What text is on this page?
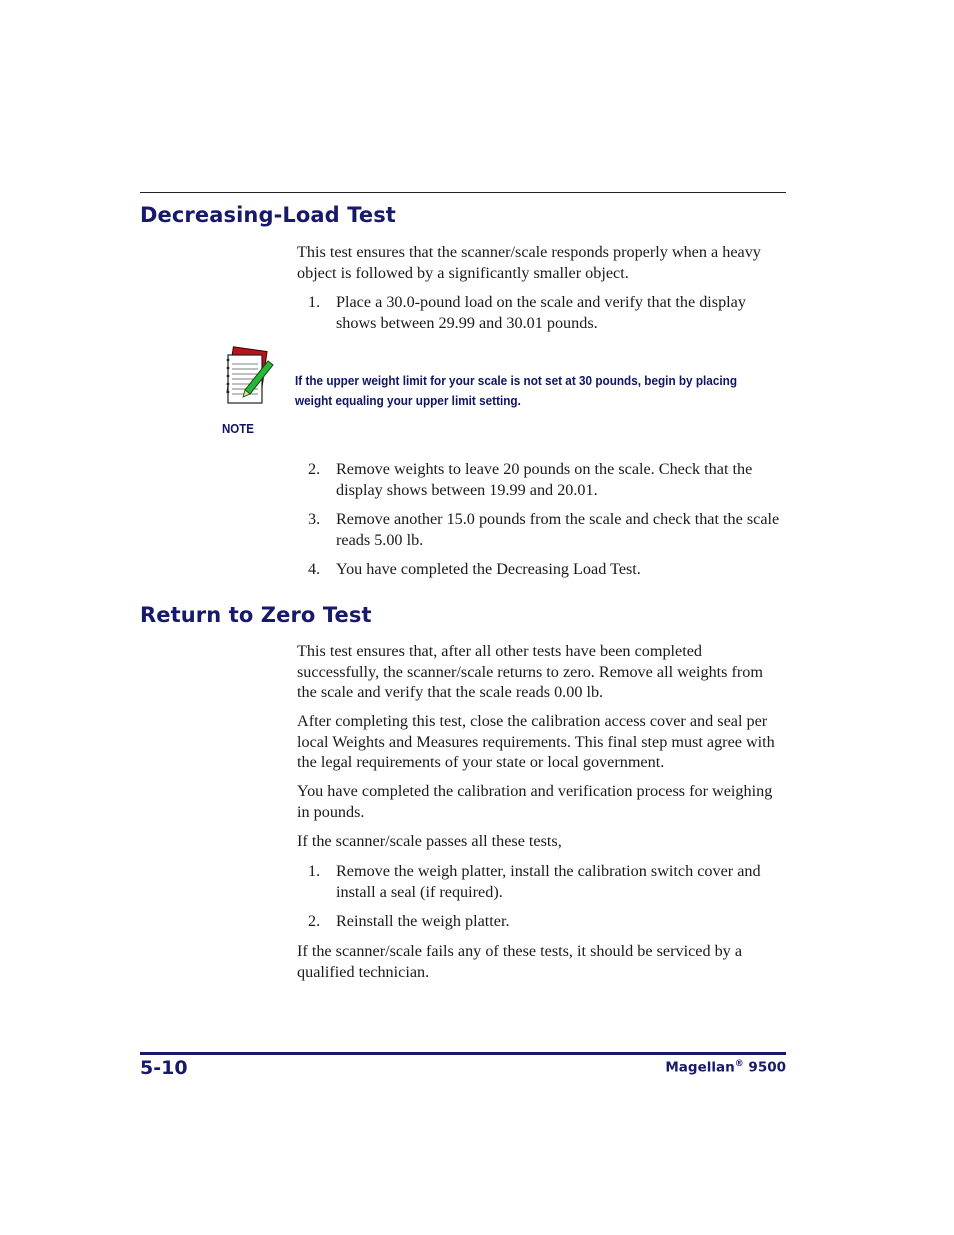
Decreasing-Load Test

This test ensures that the scanner/scale responds properly when a heavy object is followed by a significantly smaller object.

1. Place a 30.0-pound load on the scale and verify that the display shows between 29.99 and 30.01 pounds.

If the upper weight limit for your scale is not set at 30 pounds, begin by placing weight equaling your upper limit setting.

NOTE

2. Remove weights to leave 20 pounds on the scale. Check that the display shows between 19.99 and 20.01.
3. Remove another 15.0 pounds from the scale and check that the scale reads 5.00 lb.
4. You have completed the Decreasing Load Test.
Return to Zero Test

This test ensures that, after all other tests have been completed successfully, the scanner/scale returns to zero. Remove all weights from the scale and verify that the scale reads 0.00 lb.

After completing this test, close the calibration access cover and seal per local Weights and Measures requirements. This final step must agree with the legal requirements of your state or local government.

You have completed the calibration and verification process for weighing in pounds.

If the scanner/scale passes all these tests,

1. Remove the weigh platter, install the calibration switch cover and install a seal (if required).
2. Reinstall the weigh platter.

If the scanner/scale fails any of these tests, it should be serviced by a qualified technician.

5-10	Magellan® 9500
